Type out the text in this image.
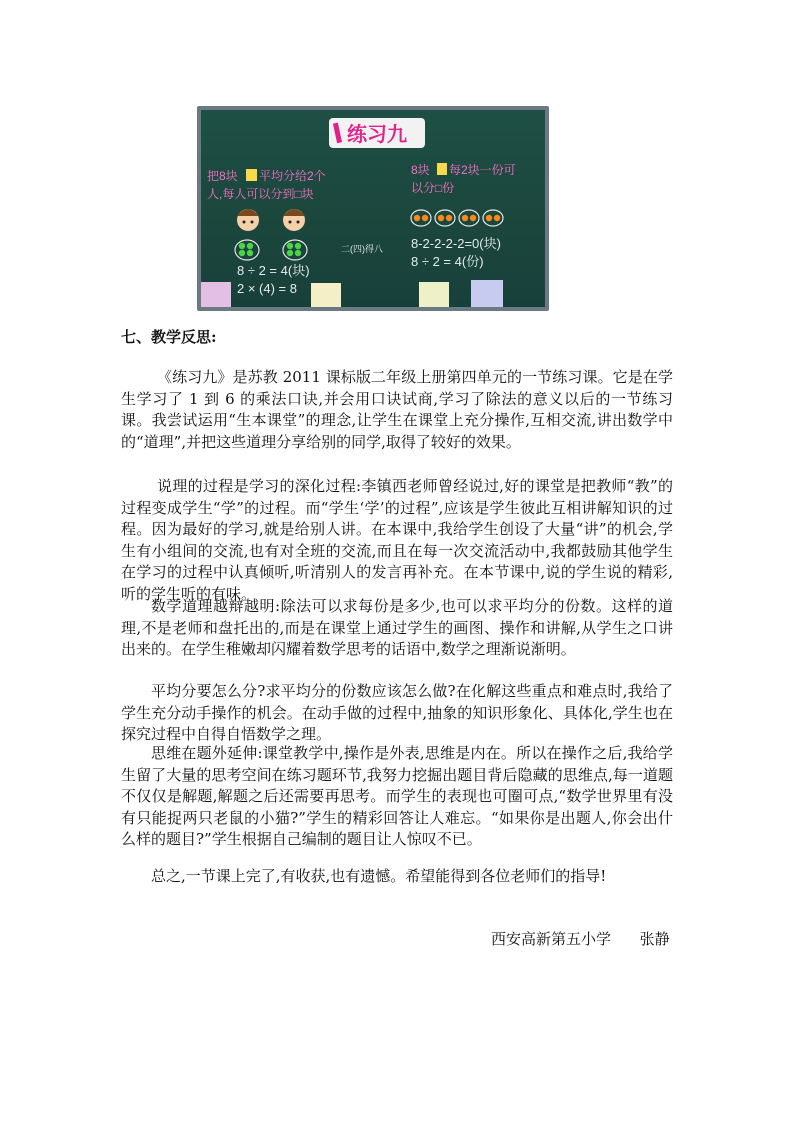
练习九
把8块 平均分给2个
人,每人可以分到□块
8块 每2块一份可
以分□份
8 ÷ 2 = 4(块)
2 × (4) = 8
二(四)得八 8-2-2-2-2=0(块)
8 ÷ 2 = 4(份)
七、教学反思:

《练习九》是苏教 2011 课标版二年级上册第四单元的一节练习课。它是在学生学习了 1 到 6 的乘法口诀,并会用口诀试商,学习了除法的意义以后的一节练习课。我尝试运用“生本课堂”的理念,让学生在课堂上充分操作,互相交流,讲出数学中的“道理”,并把这些道理分享给别的同学,取得了较好的效果。

说理的过程是学习的深化过程:李镇西老师曾经说过,好的课堂是把教师“教”的过程变成学生“学”的过程。而“学生‘学’的过程”,应该是学生彼此互相讲解知识的过程。因为最好的学习,就是给别人讲。在本课中,我给学生创设了大量“讲”的机会,学生有小组间的交流,也有对全班的交流,而且在每一次交流活动中,我都鼓励其他学生在学习的过程中认真倾听,听清别人的发言再补充。在本节课中,说的学生说的精彩,听的学生听的有味。

数学道理越辩越明:除法可以求每份是多少,也可以求平均分的份数。这样的道理,不是老师和盘托出的,而是在课堂上通过学生的画图、操作和讲解,从学生之口讲出来的。在学生稚嫩却闪耀着数学思考的话语中,数学之理渐说渐明。

平均分要怎么分?求平均分的份数应该怎么做?在化解这些重点和难点时,我给了学生充分动手操作的机会。在动手做的过程中,抽象的知识形象化、具体化,学生也在探究过程中自得自悟数学之理。

思维在题外延伸:课堂教学中,操作是外表,思维是内在。所以在操作之后,我给学生留了大量的思考空间在练习题环节,我努力挖掘出题目背后隐藏的思维点,每一道题不仅仅是解题,解题之后还需要再思考。而学生的表现也可圈可点,“数学世界里有没有只能捉两只老鼠的小猫?”学生的精彩回答让人难忘。“如果你是出题人,你会出什么样的题目?”学生根据自己编制的题目让人惊叹不已。

总之,一节课上完了,有收获,也有遗憾。希望能得到各位老师们的指导!

西安高新第五小学 张静
